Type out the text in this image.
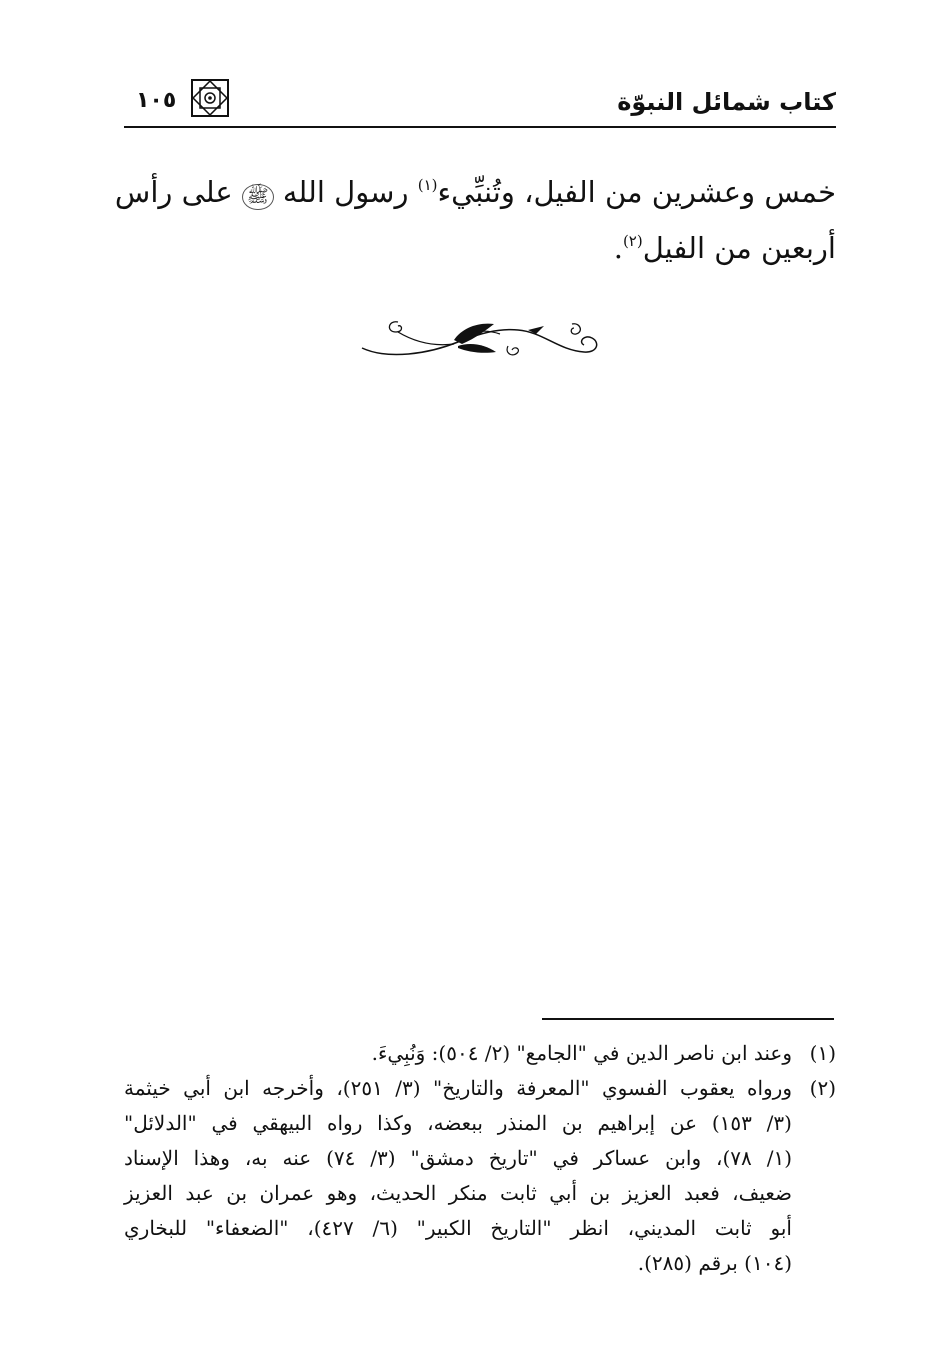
كتاب شمائل النبوّة
١٠٥
خمس وعشرين من الفيل، وتُنبِّيء$^{(١)}$ رسول الله ﷺ على رأس
أربعين من الفيل$^{(٢)}$.
(١)
وعند ابن ناصر الدين في "الجامع" (٢/ ٥٠٤): وَنُبِيءَ.
(٢)
ورواه يعقوب الفسوي "المعرفة والتاريخ" (٣/ ٢٥١)، وأخرجه ابن أبي خيثمة
(٣/ ١٥٣) عن إبراهيم بن المنذر ببعضه، وكذا رواه البيهقي في "الدلائل"
(١/ ٧٨)، وابن عساكر في "تاريخ دمشق" (٣/ ٧٤) عنه به، وهذا الإسناد
ضعيف، فعبد العزيز بن أبي ثابت منكر الحديث، وهو عمران بن عبد العزيز
أبو ثابت المديني، انظر "التاريخ الكبير" (٦/ ٤٢٧)، "الضعفاء" للبخاري
(١٠٤) برقم (٢٨٥).
